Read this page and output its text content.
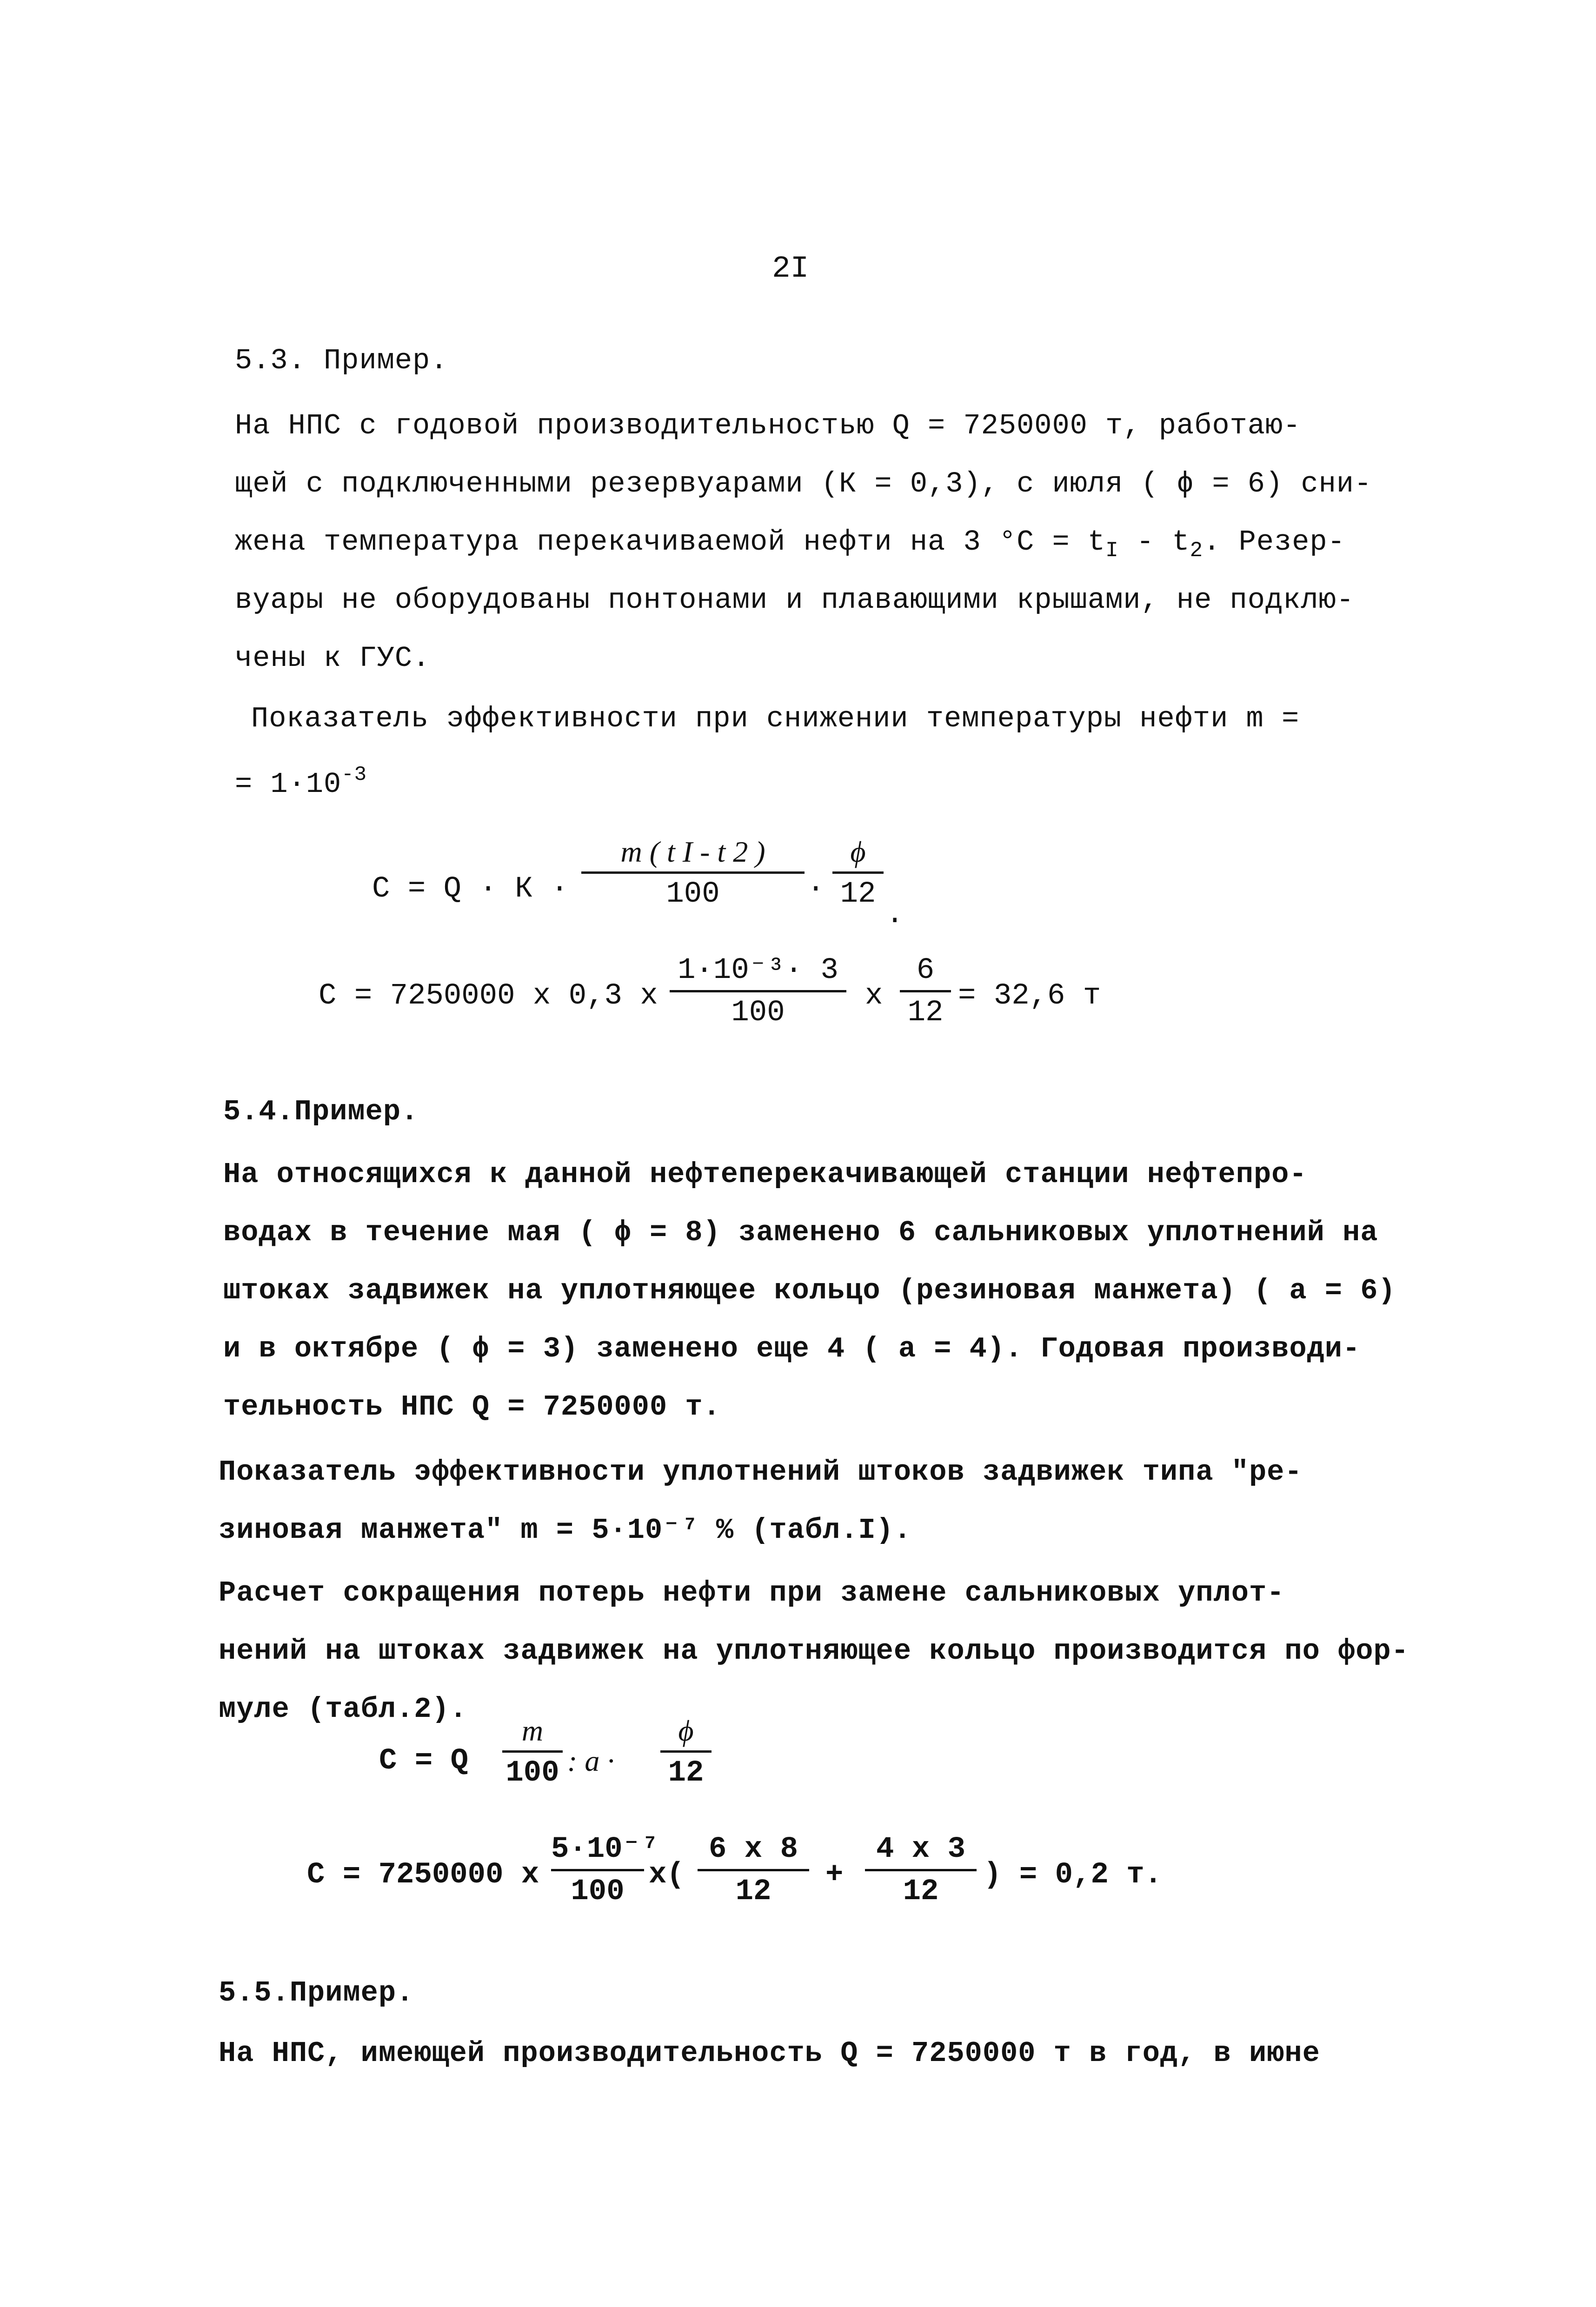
2I
5.3. Пример.
На НПС с годовой производительностью Q = 7250000 т, работаю-
щей с подключенными резервуарами (К = 0,3), с июля ( ϕ = 6) сни-
жена температура перекачиваемой нефти на 3 $^\circ С = t_I - t_2$. Резер-
вуары не оборудованы понтонами и плавающими крышами, не подклю-
чены к ГУС.
Показатель эффективности при снижении температуры нефти m =
= $1\cdot 10^{-3}$
С = Q · К ·
m ( t I - t 2 )
100	·
ϕ
12
.
С = 7250000 х 0,3 х
1·10⁻³· 3
100	х
6
12 = 32,6 т
5.4.Пример.
На относящихся к данной нефтеперекачивающей станции нефтепро-
водах в течение мая ( ϕ = 8) заменено 6 сальниковых уплотнений на
штоках задвижек на уплотняющее кольцо (резиновая манжета) ( a = 6)
и в октябре ( ϕ = 3) заменено еще 4 ( a = 4). Годовая производи-
тельность НПС Q = 7250000 т.
Показатель эффективности уплотнений штоков задвижек типа "ре-
зиновая манжета" m = 5·10⁻⁷ % (табл.I).
Расчет сокращения потерь нефти при замене сальниковых уплот-
нений на штоках задвижек на уплотняющее кольцо производится по фор-
муле (табл.2).
С = Q
m
100 : a ·
ϕ
12
С = 7250000 х
5·10⁻⁷
100 х(
6 х 8
12	+
4 х 3
12	) = 0,2 т.
5.5.Пример.
На НПС, имеющей производительность Q = 7250000 т в год, в июне
